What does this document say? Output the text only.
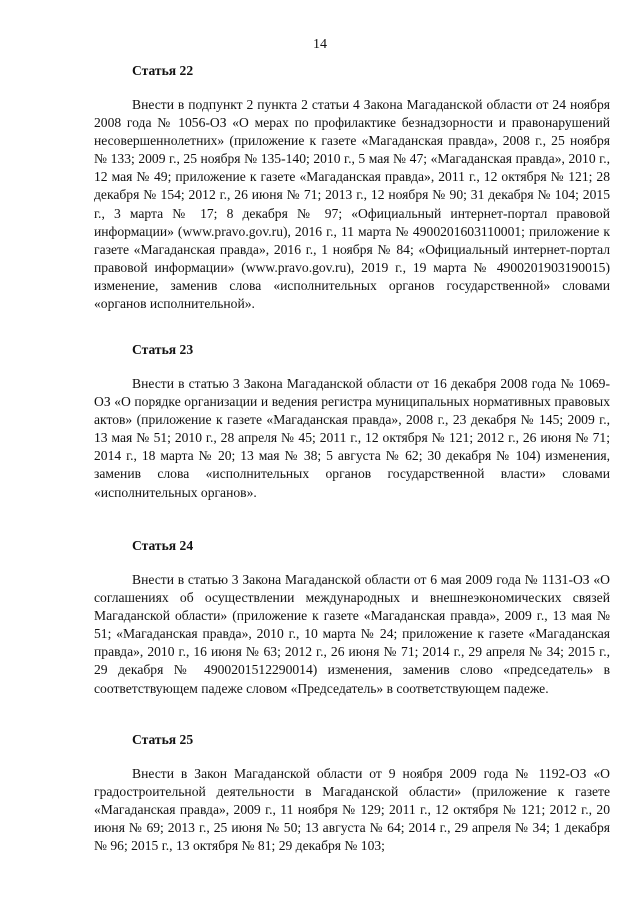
14
Статья 22

Внести в подпункт 2 пункта 2 статьи 4 Закона Магаданской области от 24 ноября 2008 года № 1056-ОЗ «О мерах по профилактике безнадзорности и правонарушений несовершеннолетних» (приложение к газете «Магаданская правда», 2008 г., 25 ноября № 133; 2009 г., 25 ноября № 135-140; 2010 г., 5 мая № 47; «Магаданская правда», 2010 г., 12 мая № 49; приложение к газете «Магаданская правда», 2011 г., 12 октября № 121; 28 декабря № 154; 2012 г., 26 июня № 71; 2013 г., 12 ноября № 90; 31 декабря № 104; 2015 г., 3 марта № 17; 8 декабря № 97; «Официальный интернет-портал правовой информации» (www.pravo.gov.ru), 2016 г., 11 марта № 4900201603110001; приложение к газете «Магаданская правда», 2016 г., 1 ноября № 84; «Официальный интернет-портал правовой информации» (www.pravo.gov.ru), 2019 г., 19 марта № 4900201903190015) изменение, заменив слова «исполнительных органов государственной» словами «органов исполнительной».

Статья 23

Внести в статью 3 Закона Магаданской области от 16 декабря 2008 года № 1069-ОЗ «О порядке организации и ведения регистра муниципальных нормативных правовых актов» (приложение к газете «Магаданская правда», 2008 г., 23 декабря № 145; 2009 г., 13 мая № 51; 2010 г., 28 апреля № 45; 2011 г., 12 октября № 121; 2012 г., 26 июня № 71; 2014 г., 18 марта № 20; 13 мая № 38; 5 августа № 62; 30 декабря № 104) изменения, заменив слова «исполнительных органов государственной власти» словами «исполнительных органов».

Статья 24

Внести в статью 3 Закона Магаданской области от 6 мая 2009 года № 1131-ОЗ «О соглашениях об осуществлении международных и внешнеэкономических связей Магаданской области» (приложение к газете «Магаданская правда», 2009 г., 13 мая № 51; «Магаданская правда», 2010 г., 10 марта № 24; приложение к газете «Магаданская правда», 2010 г., 16 июня № 63; 2012 г., 26 июня № 71; 2014 г., 29 апреля № 34; 2015 г., 29 декабря № 4900201512290014) изменения, заменив слово «председатель» в соответствующем падеже словом «Председатель» в соответствующем падеже.

Статья 25

Внести в Закон Магаданской области от 9 ноября 2009 года № 1192-ОЗ «О градостроительной деятельности в Магаданской области» (приложение к газете «Магаданская правда», 2009 г., 11 ноября № 129; 2011 г., 12 октября № 121; 2012 г., 20 июня № 69; 2013 г., 25 июня № 50; 13 августа № 64; 2014 г., 29 апреля № 34; 1 декабря № 96; 2015 г., 13 октября № 81; 29 декабря № 103;
